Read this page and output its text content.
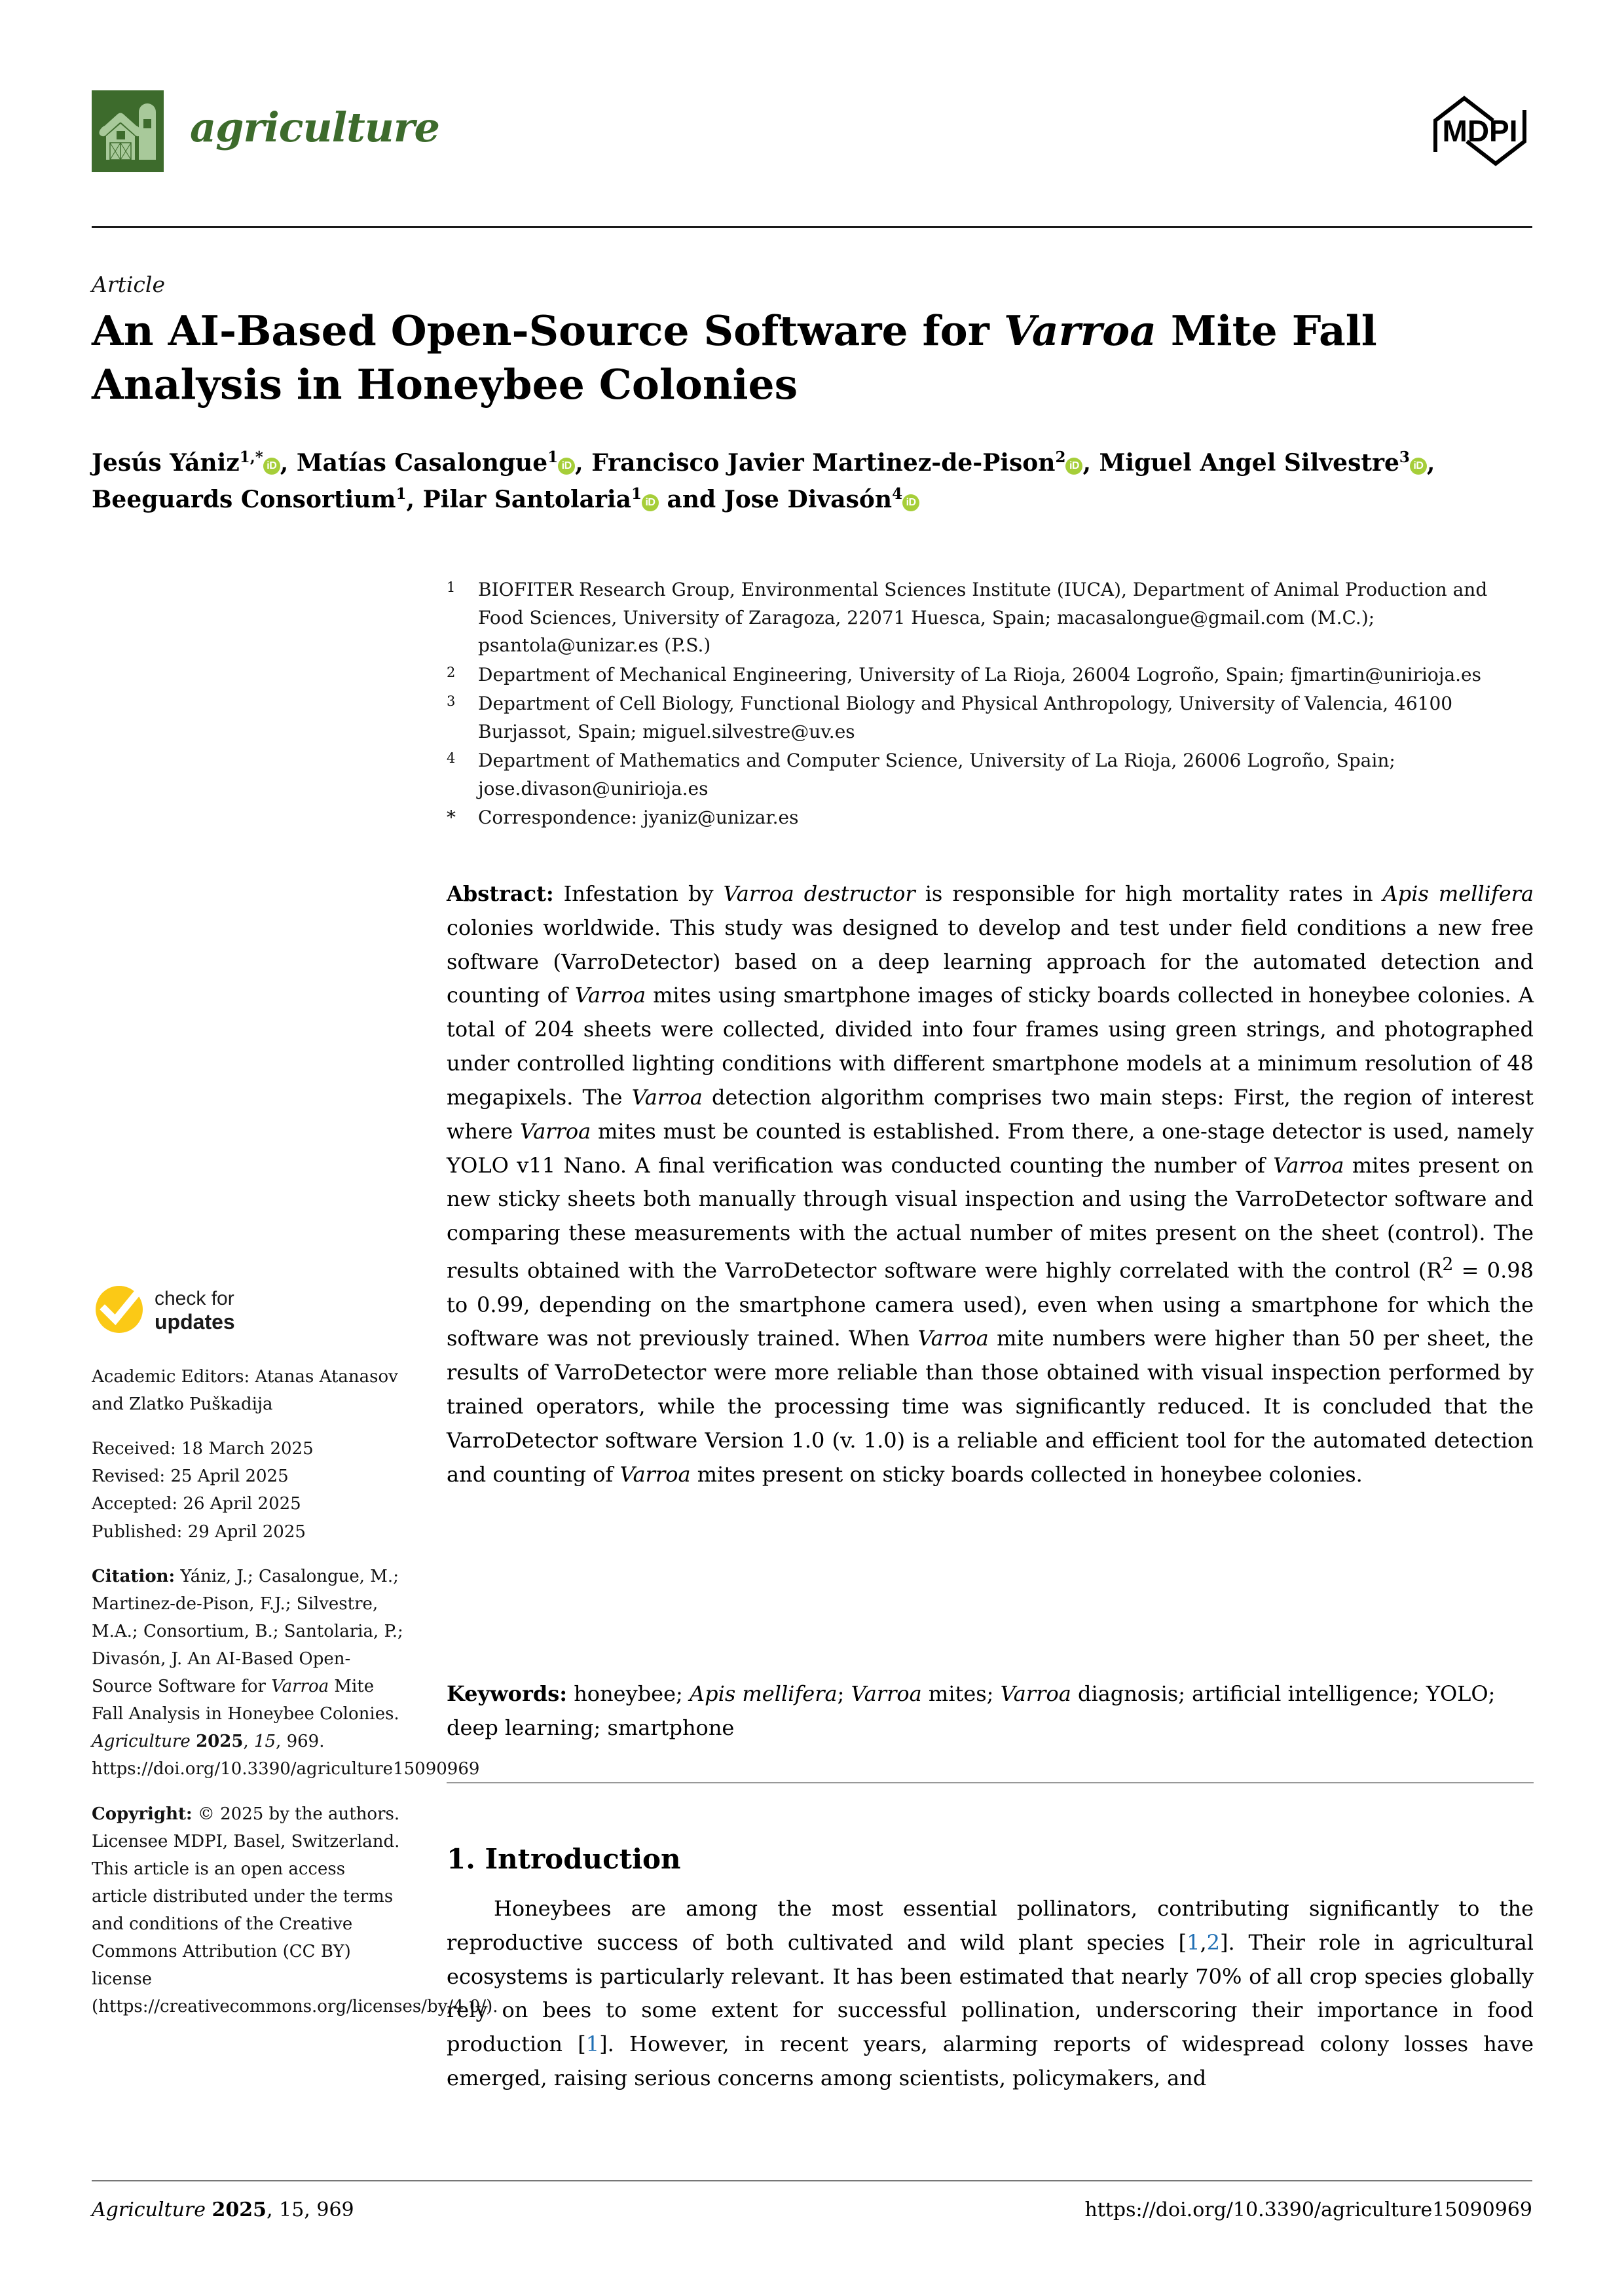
agriculture	MDPI
Article
An AI-Based Open-Source Software for Varroa Mite Fall
Analysis in Honeybee Colonies
Jesús Yániz$^{1,*}$ iD , Matías Casalongue$^1$ iD , Francisco Javier Martinez-de-Pison$^2$ iD , Miguel Angel Silvestre$^3$ iD ,
Beeguards Consortium$^1$, Pilar Santolaria$^1$ iD and Jose Divasón$^4$ iD
1	BIOFITER Research Group, Environmental Sciences Institute (IUCA), Department of Animal Production and Food Sciences, University of Zaragoza, 22071 Huesca, Spain; macasalongue@gmail.com (M.C.); psantola@unizar.es (P.S.)
2	Department of Mechanical Engineering, University of La Rioja, 26004 Logroño, Spain; fjmartin@unirioja.es
3	Department of Cell Biology, Functional Biology and Physical Anthropology, University of Valencia, 46100 Burjassot, Spain; miguel.silvestre@uv.es
4	Department of Mathematics and Computer Science, University of La Rioja, 26006 Logroño, Spain; jose.divason@unirioja.es
*	Correspondence: jyaniz@unizar.es
Abstract: Infestation by Varroa destructor is responsible for high mortality rates in Apis mellifera colonies worldwide. This study was designed to develop and test under field conditions a new free software (VarroDetector) based on a deep learning approach for the automated detection and counting of Varroa mites using smartphone images of sticky boards collected in honeybee colonies. A total of 204 sheets were collected, divided into four frames using green strings, and photographed under controlled lighting conditions with different smartphone models at a minimum resolution of 48 megapixels. The Varroa detection algorithm comprises two main steps: First, the region of interest where Varroa mites must be counted is established. From there, a one-stage detector is used, namely YOLO v11 Nano. A final verification was conducted counting the number of Varroa mites present on new sticky sheets both manually through visual inspection and using the VarroDetector software and comparing these measurements with the actual number of mites present on the sheet (control). The results obtained with the VarroDetector software were highly correlated with the control ($R^2 = 0.98$ to 0.99, depending on the smartphone camera used), even when using a smartphone for which the software was not previously trained. When Varroa mite numbers were higher than 50 per sheet, the results of VarroDetector were more reliable than those obtained with visual inspection performed by trained operators, while the processing time was significantly reduced. It is concluded that the VarroDetector software Version 1.0 (v. 1.0) is a reliable and efficient tool for the automated detection and counting of Varroa mites present on sticky boards collected in honeybee colonies.
Keywords: honeybee; Apis mellifera; Varroa mites; Varroa diagnosis; artificial intelligence; YOLO; deep learning; smartphone
1. Introduction
Honeybees are among the most essential pollinators, contributing significantly to the reproductive success of both cultivated and wild plant species [1,2]. Their role in agricultural ecosystems is particularly relevant. It has been estimated that nearly 70% of all crop species globally rely on bees to some extent for successful pollination, underscoring their importance in food production [1]. However, in recent years, alarming reports of widespread colony losses have emerged, raising serious concerns among scientists, policymakers, and
check for
updates
Academic Editors: Atanas Atanasov and Zlatko Puškadija
Received: 18 March 2025
Revised: 25 April 2025
Accepted: 26 April 2025
Published: 29 April 2025
Citation: Yániz, J.; Casalongue, M.; Martinez-de-Pison, F.J.; Silvestre, M.A.; Consortium, B.; Santolaria, P.; Divasón, J. An AI-Based Open-Source Software for Varroa Mite Fall Analysis in Honeybee Colonies. Agriculture 2025, 15, 969. https://doi.org/10.3390/agriculture15090969
Copyright: © 2025 by the authors. Licensee MDPI, Basel, Switzerland. This article is an open access article distributed under the terms and conditions of the Creative Commons Attribution (CC BY) license (https://creativecommons.org/licenses/by/4.0/).
Agriculture 2025, 15, 969	https://doi.org/10.3390/agriculture15090969
